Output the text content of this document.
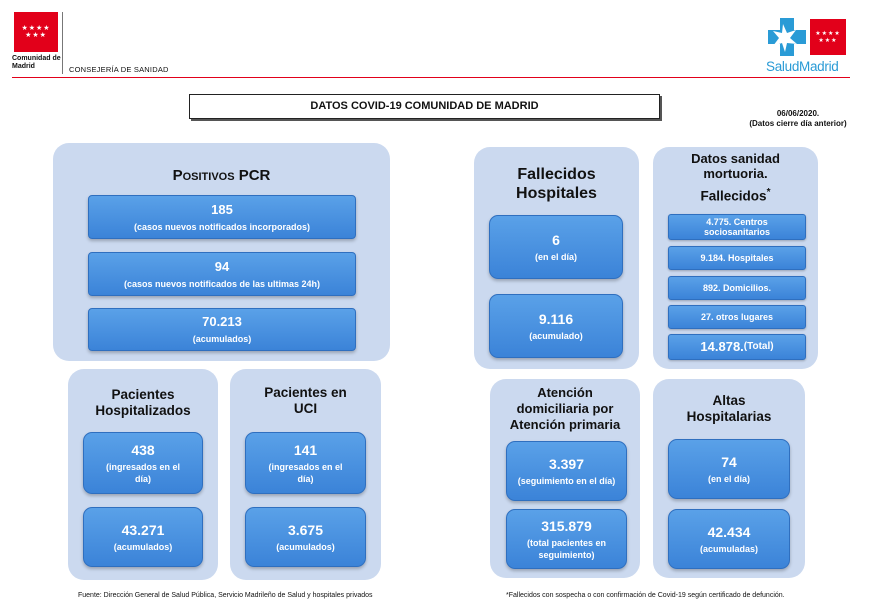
★★★★
★★★
Comunidad de Madrid	CONSEJERÍA DE SANIDAD
★★★★
★★★
SaludMadrid
DATOS COVID-19 COMUNIDAD DE MADRID
06/06/2020.
(Datos cierre día anterior)
Positivos PCR
185
(casos nuevos notificados incorporados)
94
(casos nuevos notificados de las ultimas 24h)
70.213
(acumulados)
Pacientes Hospitalizados
438
(ingresados en el día)
43.271
(acumulados)
Pacientes en UCI
141
(ingresados en el día)
3.675
(acumulados)
Fallecidos Hospitales
6
(en el día)
9.116
(acumulado)
Datos sanidad mortuoria.
Fallecidos*
4.775. Centros sociosanitarios
9.184. Hospitales
892. Domicilios.
27. otros lugares
14.878. (Total)
Atención domiciliaria por Atención primaria
3.397
(seguimiento en el día)
315.879
(total pacientes en seguimiento)
Altas Hospitalarias
74
(en el día)
42.434
(acumuladas)
Fuente: Dirección General de Salud Pública, Servicio Madrileño de Salud y hospitales privados	*Fallecidos con sospecha o con confirmación de Covid-19 según certificado de defunción.
